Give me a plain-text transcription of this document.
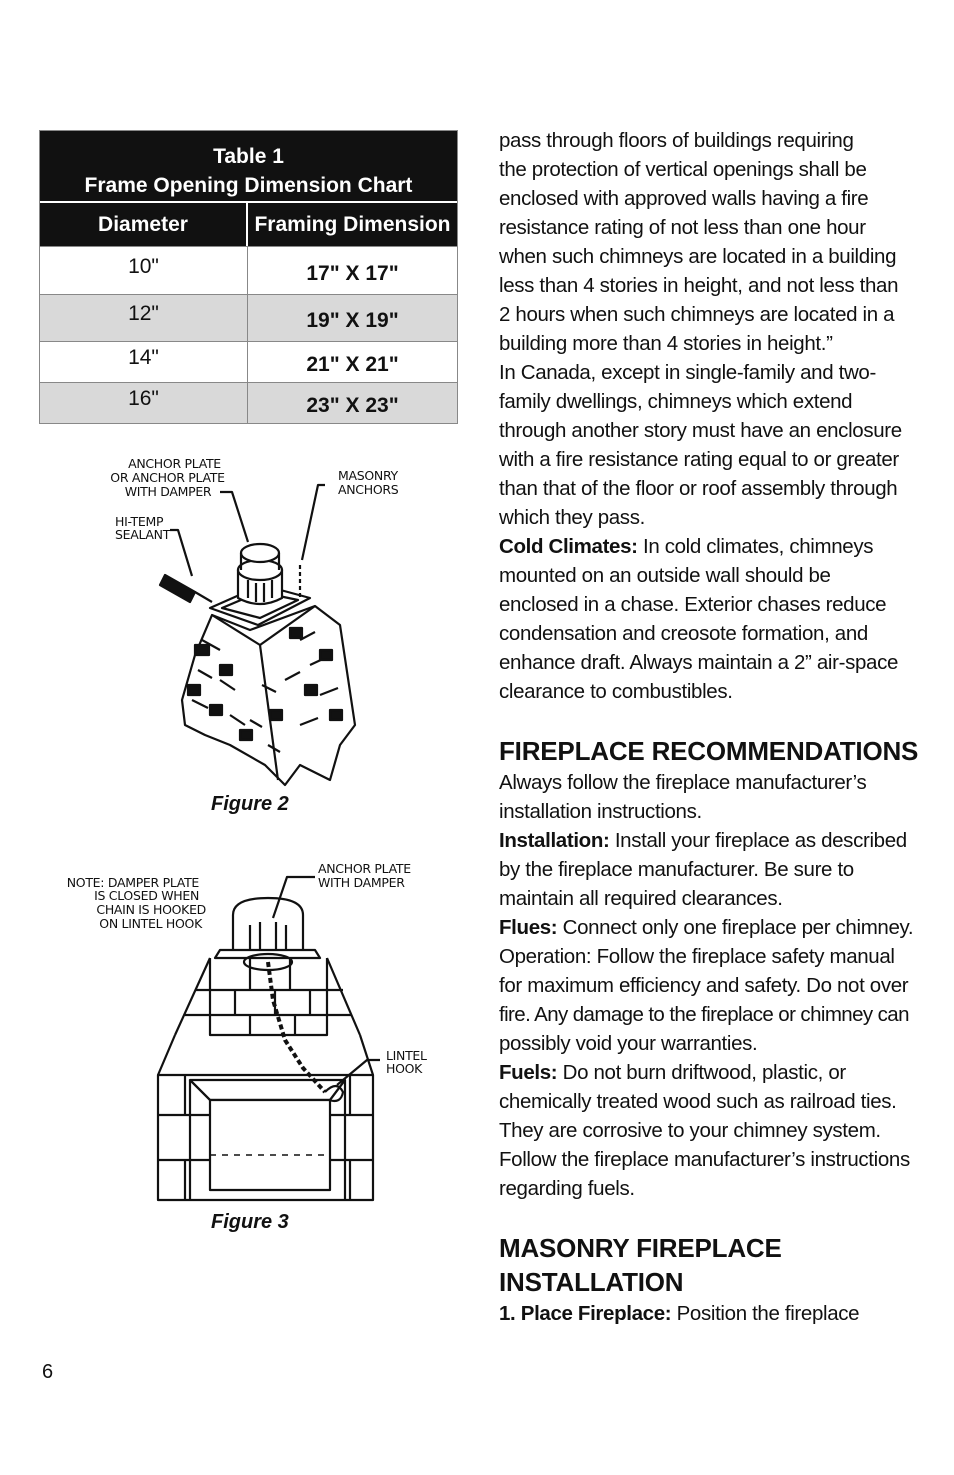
Table 1
Frame Opening Dimension Chart
Diameter	Framing Dimension
10"	17" X 17"
12"	19" X 19"
14"	21" X 21"
16"	23" X 23"
ANCHOR PLATE
OR ANCHOR PLATE
WITH DAMPER
MASONRY
ANCHORS
HI-TEMP
SEALANT
Figure 2
NOTE: DAMPER PLATE
IS CLOSED WHEN
CHAIN IS HOOKED
ON LINTEL HOOK
ANCHOR PLATE
WITH DAMPER
LINTEL
HOOK
Figure 3

pass through floors of buildings requiring

the protection of vertical openings shall be

enclosed with approved walls having a fire

resistance rating of not less than one hour

when such chimneys are located in a building

less than 4 stories in height, and not less than

2 hours when such chimneys are located in a

building more than 4 stories in height.”

In Canada, except in single-family and two-

family dwellings, chimneys which extend

through another story must have an enclosure

with a fire resistance rating equal to or greater

than that of the floor or roof assembly through

which they pass.

Cold Climates: In cold climates, chimneys

mounted on an outside wall should be

enclosed in a chase. Exterior chases reduce

condensation and creosote formation, and

enhance draft. Always maintain a 2” air-space

clearance to combustibles.

FIREPLACE RECOMMENDATIONS

Always follow the fireplace manufacturer’s

installation instructions.

Installation: Install your fireplace as described

by the fireplace manufacturer. Be sure to

maintain all required clearances.

Flues: Connect only one fireplace per chimney.

Operation: Follow the fireplace safety manual

for maximum efficiency and safety. Do not over

fire. Any damage to the fireplace or chimney can

possibly void your warranties.

Fuels: Do not burn driftwood, plastic, or

chemically treated wood such as railroad ties.

They are corrosive to your chimney system.

Follow the fireplace manufacturer’s instructions

regarding fuels.

MASONRY FIREPLACE
INSTALLATION

1. Place Fireplace: Position the fireplace

6
